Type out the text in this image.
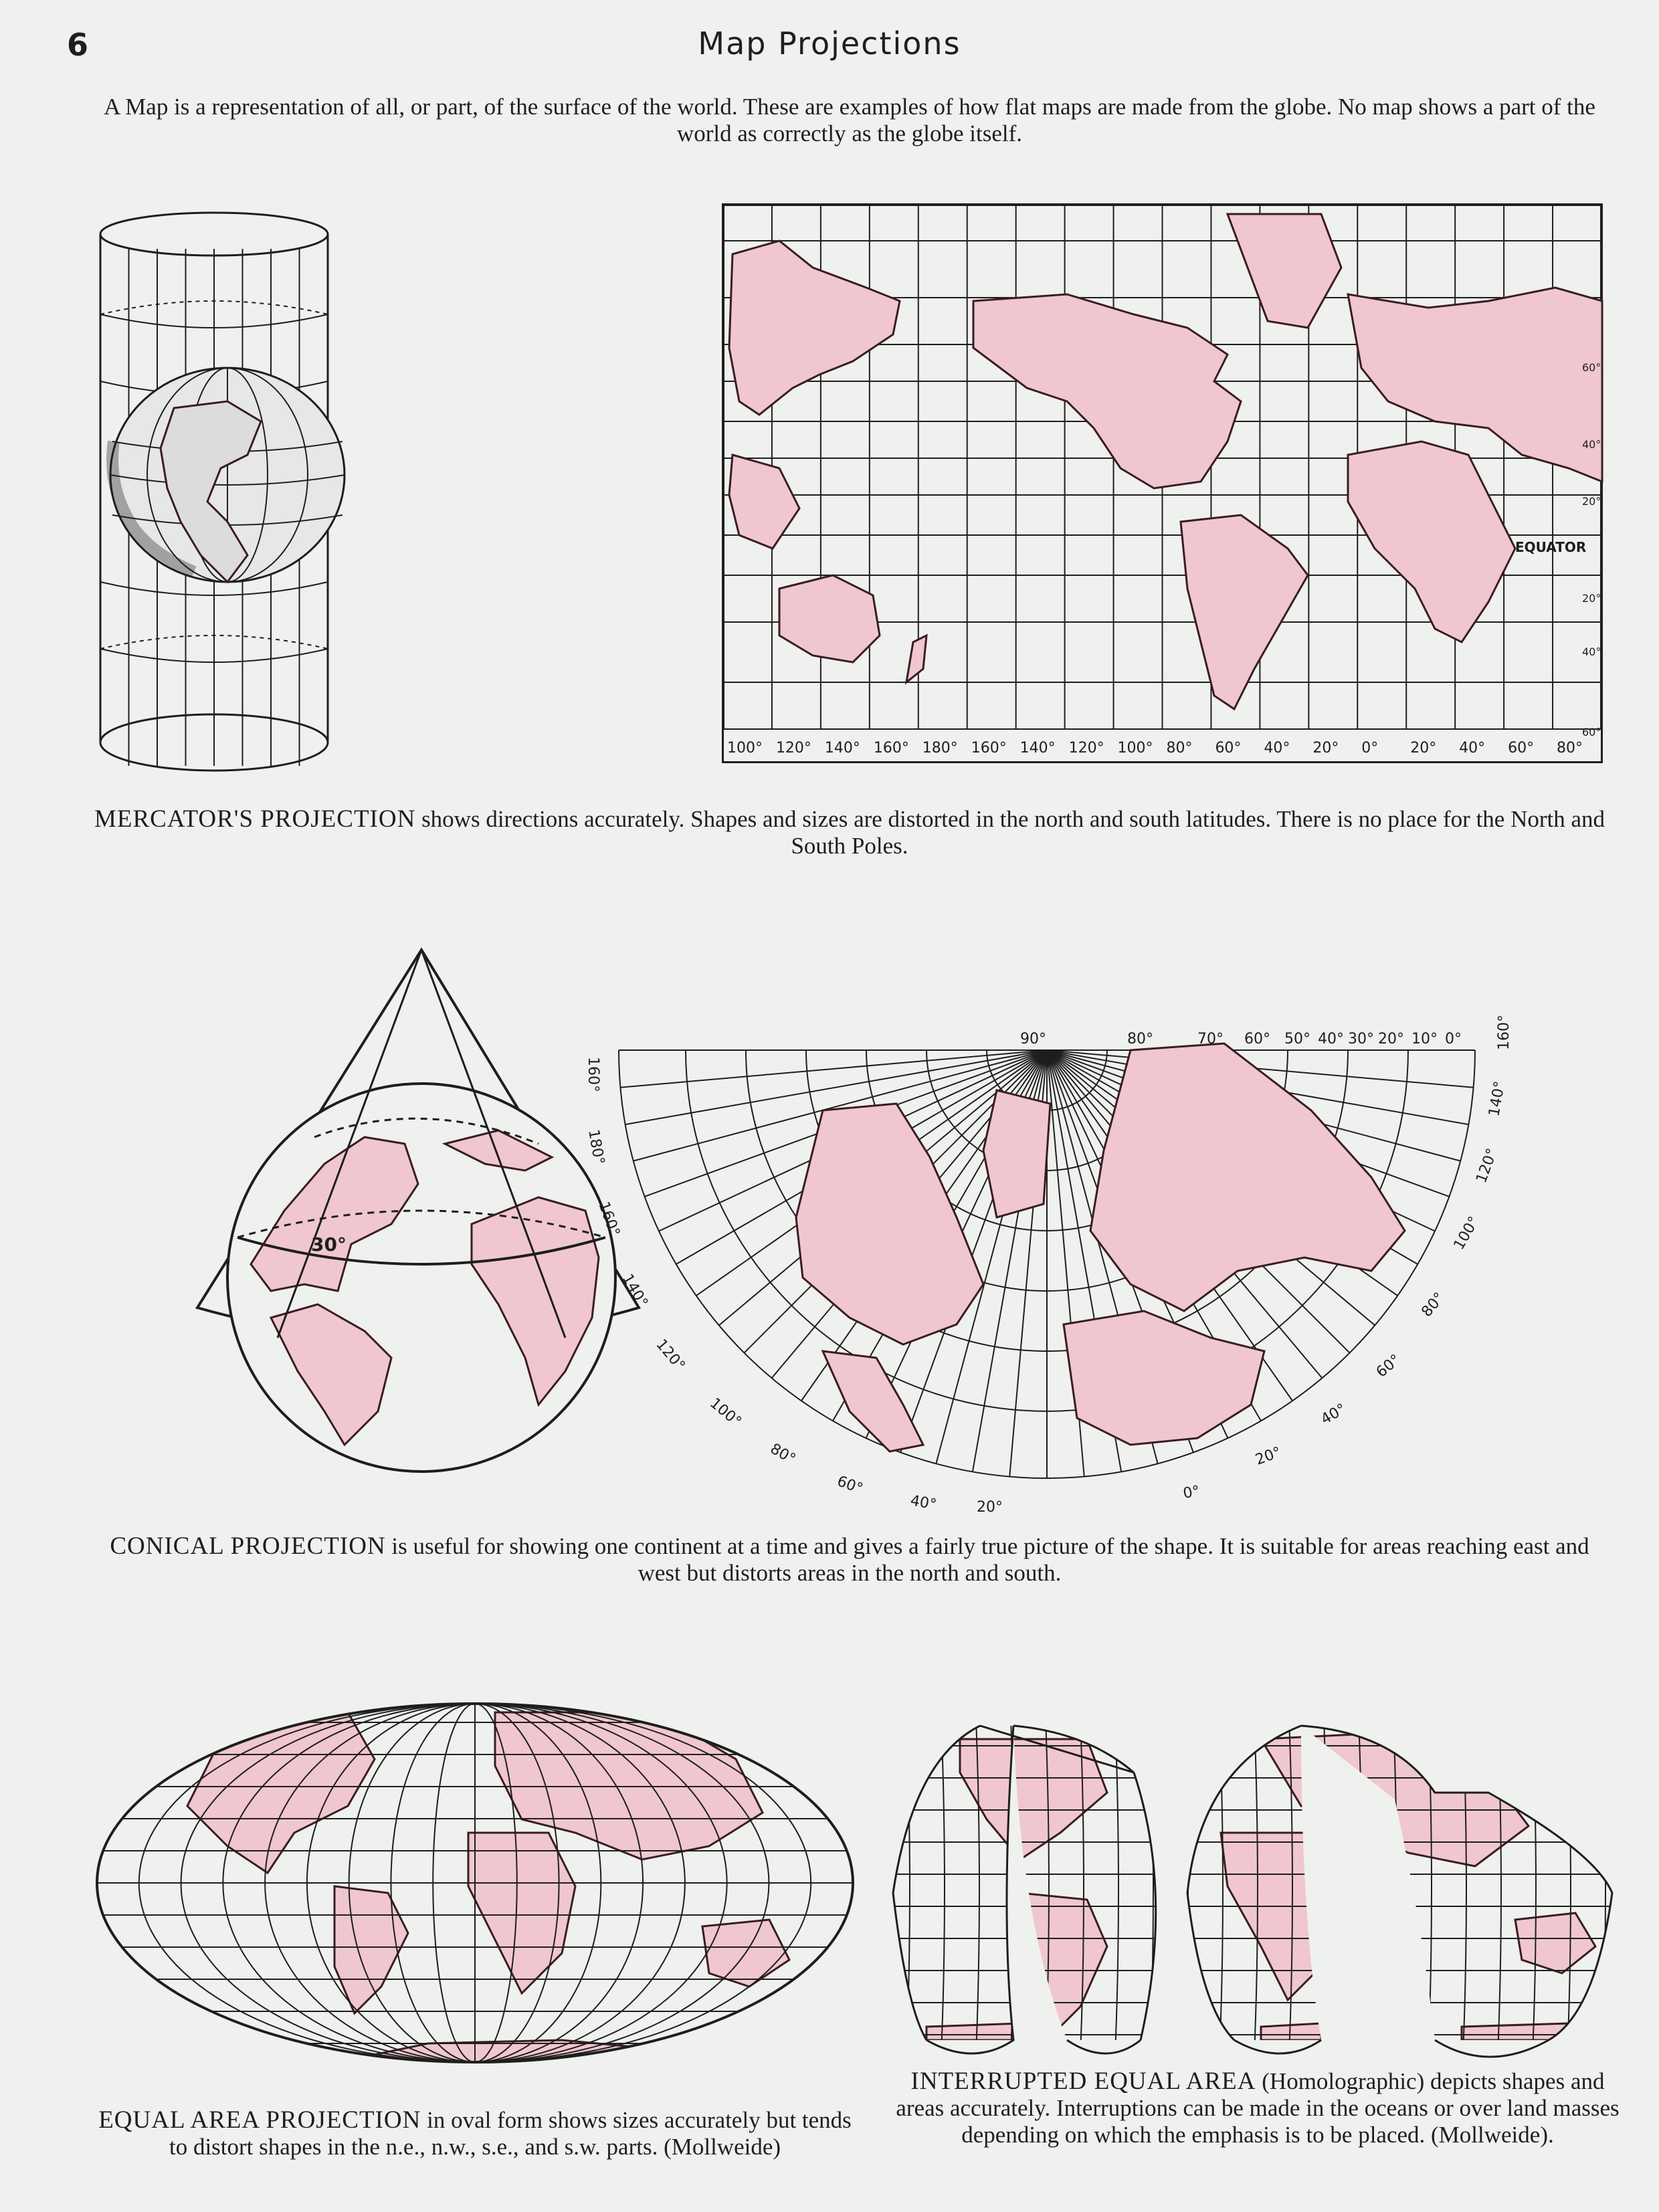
6	Map Projections
A Map is a representation of all, or part, of the surface of the world. These are examples of how flat maps are made from the globe. No map shows a part of the world as correctly as the globe itself.
100° 120° 140° 160° 180° 160° 140° 120° 100° 80° 60° 40° 20° 0° 20° 40° 60° 80°
60°
40°
20°
20°
40°
60°
EQUATOR
MERCATOR'S PROJECTION shows directions accurately. Shapes and sizes are distorted in the north and south latitudes. There is no place for the North and South Poles.
30°
90°	80°	70° 60° 50° 40° 30° 20° 10° 0°
160°
180°
160°
140°
120°
100°
80°
60°
40°	20°
160°
140°
120°
100°
80°
60°
40°
20°
0°
CONICAL PROJECTION is useful for showing one continent at a time and gives a fairly true picture of the shape. It is suitable for areas reaching east and west but distorts areas in the north and south.
EQUAL AREA PROJECTION in oval form shows sizes accurately but tends to distort shapes in the n.e., n.w., s.e., and s.w. parts. (Mollweide)
INTERRUPTED EQUAL AREA (Homolographic) depicts shapes and areas accurately. Interruptions can be made in the oceans or over land masses depending on which the emphasis is to be placed. (Mollweide).
